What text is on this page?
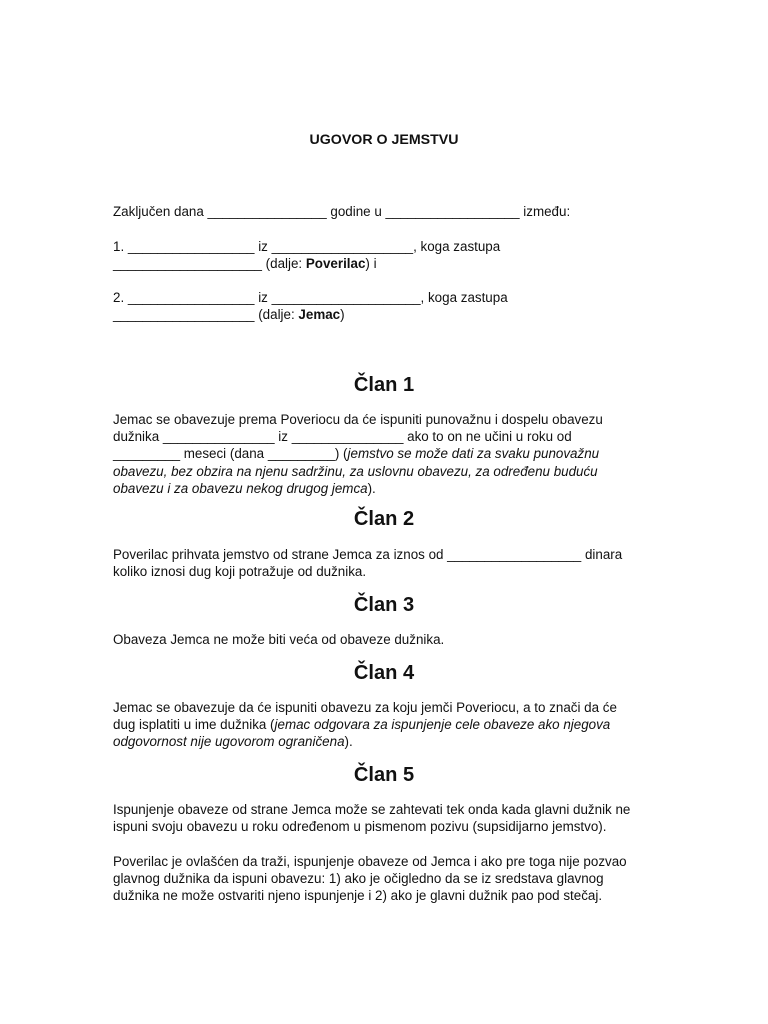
UGOVOR O JEMSTVU

Zaključen dana ________________ godine u __________________ između:

1. _________________ iz ___________________, koga zastupa
____________________ (dalje: Poverilac) i

2. _________________ iz ____________________, koga zastupa
___________________ (dalje: Jemac)

Član 1

Jemac se obavezuje prema Poveriocu da će ispuniti punovažnu i dospelu obavezu
dužnika _______________ iz _______________ ako to on ne učini u roku od
_________ meseci (dana _________) (jemstvo se može dati za svaku punovažnu
obavezu, bez obzira na njenu sadržinu, za uslovnu obavezu, za određenu buduću
obavezu i za obavezu nekog drugog jemca).

Član 2

Poverilac prihvata jemstvo od strane Jemca za iznos od __________________ dinara
koliko iznosi dug koji potražuje od dužnika.

Član 3

Obaveza Jemca ne može biti veća od obaveze dužnika.

Član 4

Jemac se obavezuje da će ispuniti obavezu za koju jemči Poveriocu, a to znači da će
dug isplatiti u ime dužnika (jemac odgovara za ispunjenje cele obaveze ako njegova
odgovornost nije ugovorom ograničena).

Član 5

Ispunjenje obaveze od strane Jemca može se zahtevati tek onda kada glavni dužnik ne
ispuni svoju obavezu u roku određenom u pismenom pozivu (supsidijarno jemstvo).

Poverilac je ovlašćen da traži, ispunjenje obaveze od Jemca i ako pre toga nije pozvao
glavnog dužnika da ispuni obavezu: 1) ako je očigledno da se iz sredstava glavnog
dužnika ne može ostvariti njeno ispunjenje i 2) ako je glavni dužnik pao pod stečaj.
